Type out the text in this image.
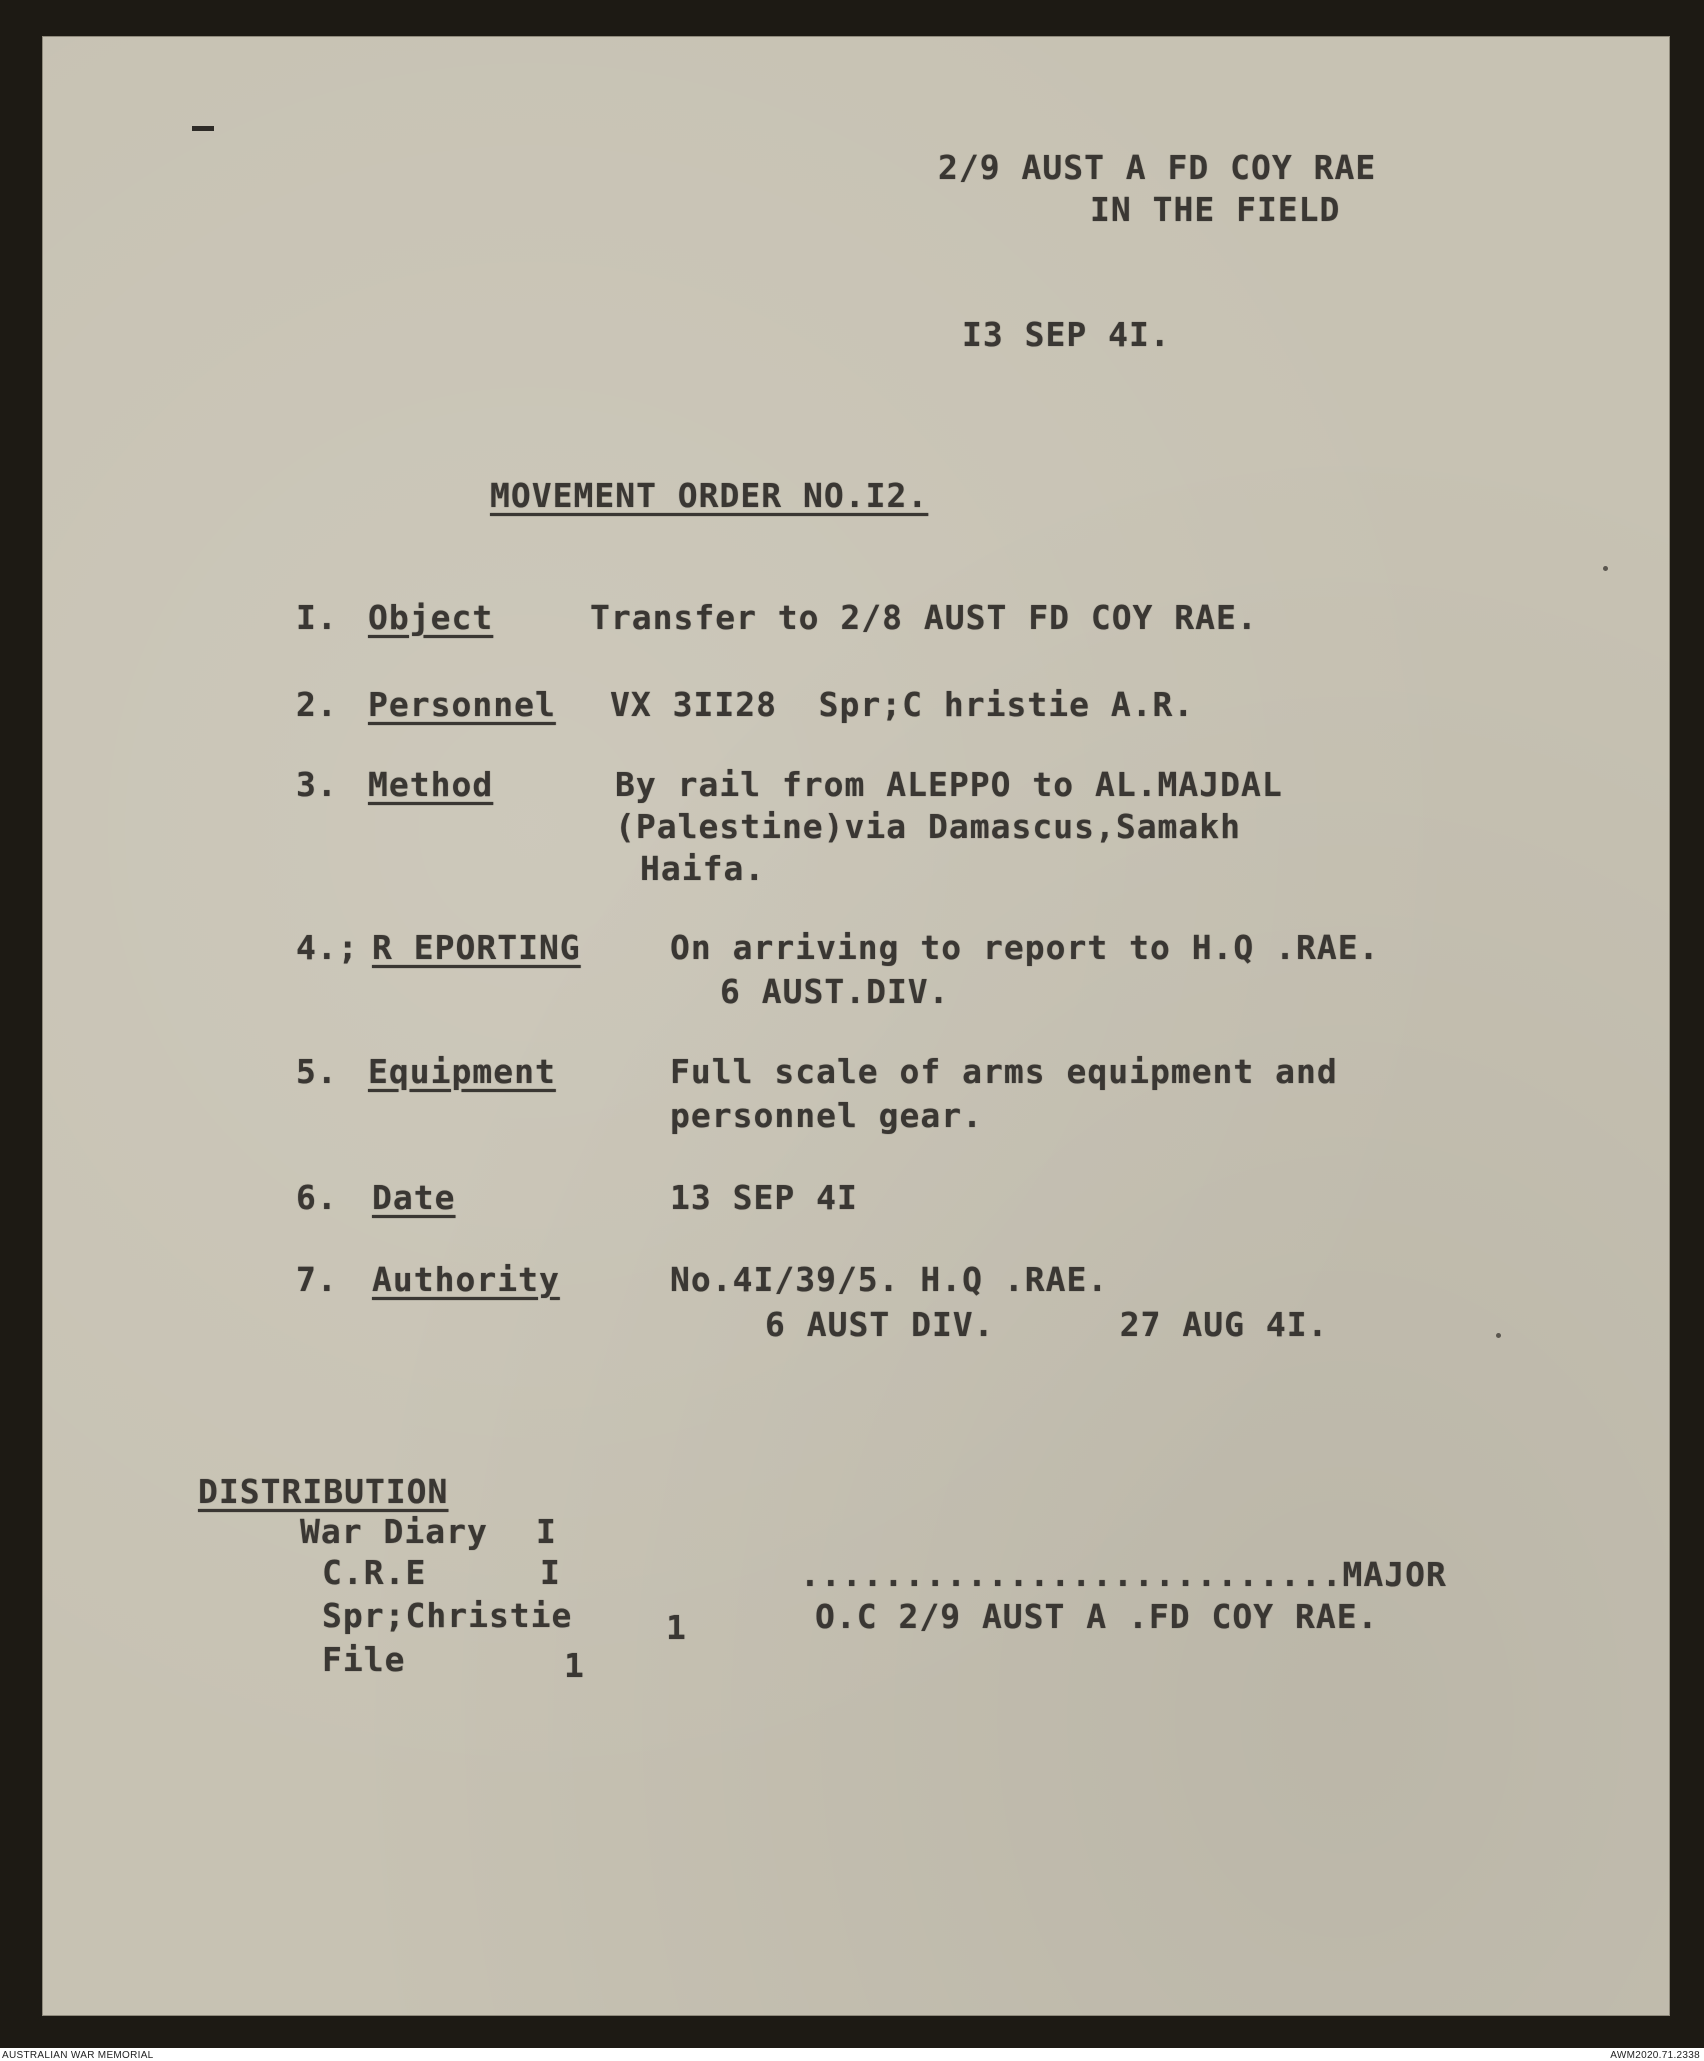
2/9 AUST A FD COY RAE
IN THE FIELD
I3 SEP 4I.
MOVEMENT ORDER NO.I2.
I. Object	Transfer to 2/8 AUST FD COY RAE.
2. Personnel VX 3II28  Spr;C hristie A.R.
3. Method	By rail from ALEPPO to AL.MAJDAL
(Palestine)via Damascus,Samakh
Haifa.
4.; R EPORTING	On arriving to report to H.Q .RAE.
6 AUST.DIV.
5. Equipment	Full scale of arms equipment and
personnel gear.
6. Date	13 SEP 4I
7. Authority	No.4I/39/5. H.Q .RAE.
6 AUST DIV.      27 AUG 4I.
DISTRIBUTION
War Diary I
C.R.E	I
Spr;Christie	1
File	1
..........................MAJOR
O.C 2/9 AUST A .FD COY RAE.
AUSTRALIAN WAR MEMORIAL	AWM2020.71.2338
